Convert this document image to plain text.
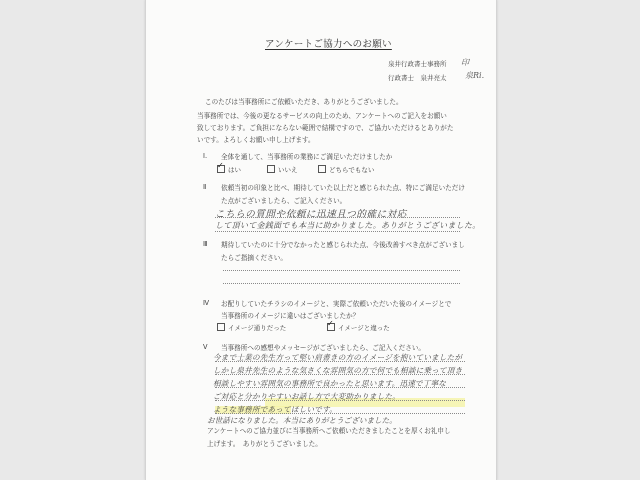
アンケートご協力へのお願い
泉井行政書士事務所 印
行政書士　泉井亮太 泉Ri.
このたびは当事務所にご依頼いただき、ありがとうございました。
当事務所では、今後の更なるサービスの向上のため、アンケートへのご記入をお願い
致しております。ご負担にならない範囲で結構ですので、ご協力いただけるとありがた
いです。よろしくお願い申し上げます。
Ⅰ. 全体を通して、当事務所の業務にご満足いただけましたか
✓はい	いいえ	どちらでもない
Ⅱ 依頼当初の印象と比べ、期待していた以上だと感じられた点、特にご満足いただけ
た点がございましたら、ご記入ください。
こちらの質問や依頼に迅速且つ的確に対応
して頂いて金銭面でも本当に助かりました。ありがとうございました。
Ⅲ 期待していたのに十分でなかったと感じられた点、今後改善すべき点がございまし
たらご指摘ください。
Ⅳ お配りしていたチラシのイメージと、実際ご依頼いただいた後のイメージとで
当事務所のイメージに違いはございましたか？
イメージ通りだった
✓	イメージと違った
Ⅴ 当事務所への感想やメッセージがございましたら、ご記入ください。
今まで士業の先生方って堅い肩書きの方のイメージを抱いていましたが
しかし泉井先生のような気さくな雰囲気の方で何でも相談に乗って頂き
相談しやすい雰囲気の事務所で良かったと思います。迅速で丁寧な
ご対応と分かりやすいお話し方で大変助かりました。
ような事務所であってほしいです。
お世話になりました。本当にありがとうございました。
アンケートへのご協力並びに当事務所へご依頼いただきましたことを厚くお礼申し
上げます。　ありがとうございました。
